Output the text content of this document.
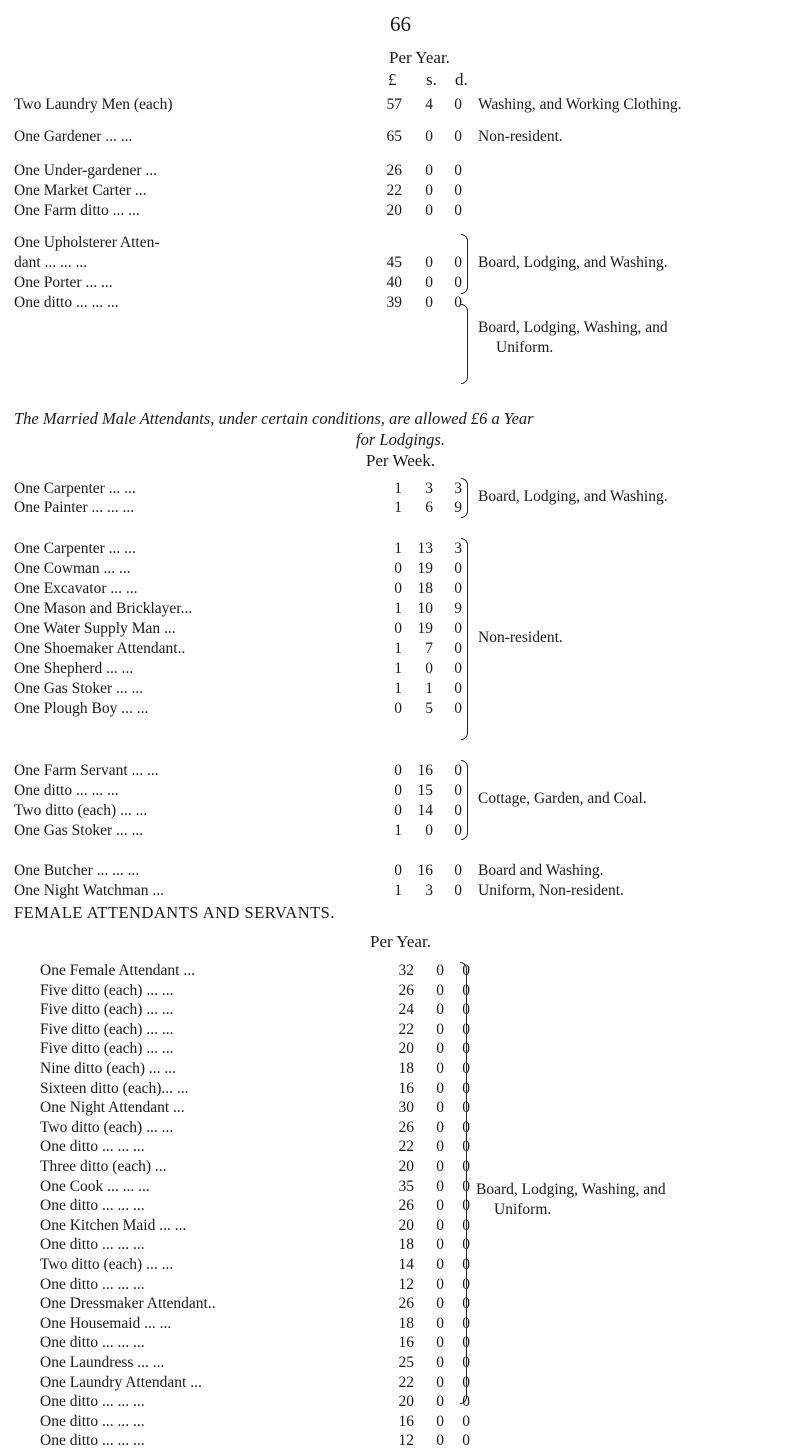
66
Per Year.
£ s. d.
Two Laundry Men (each)	57	4	0 Washing, and Working Clothing.
One Gardener ... ...	65	0	0 Non-resident.
One Under-gardener ...	26	0	0
One Market Carter ...	22	0	0
One Farm ditto ... ...	20	0	0
One Upholsterer Atten-
dant ... ... ...	45	0	0
One Porter ... ...	40	0	0
One ditto ... ... ...	39	0	0
Board, Lodging, and Washing.
Board, Lodging, Washing, and
Uniform.
The Married Male Attendants, under certain conditions, are allowed £6 a Year
for Lodgings.
Per Week.
One Carpenter ... ...	1	3	3
One Painter ... ... ...	1	6	9
One Carpenter ... ...	1	13	3
One Cowman ... ...	0	19	0
One Excavator ... ...	0	18	0
One Mason and Bricklayer...	1	10	9
One Water Supply Man ...	0	19	0
One Shoemaker Attendant..	1	7	0
One Shepherd ... ...	1	0	0
One Gas Stoker ... ...	1	1	0
One Plough Boy ... ...	0	5	0
One Farm Servant ... ...	0	16	0
One ditto ... ... ...	0	15	0
Two ditto (each) ... ...	0	14	0
One Gas Stoker ... ...	1	0	0
One Butcher ... ... ...	0	16	0 Board and Washing.
One Night Watchman ...	1	3	0 Uniform, Non-resident.
Board, Lodging, and Washing.
Non-resident.
Cottage, Garden, and Coal.
FEMALE ATTENDANTS AND SERVANTS.
Per Year.
One Female Attendant ...	32	0	0
Five ditto (each) ... ...	26	0	0
Five ditto (each) ... ...	24	0	0
Five ditto (each) ... ...	22	0	0
Five ditto (each) ... ...	20	0	0
Nine ditto (each) ... ...	18	0	0
Sixteen ditto (each)... ...	16	0	0
One Night Attendant ...	30	0	0
Two ditto (each) ... ...	26	0	0
One ditto ... ... ...	22	0	0
Three ditto (each) ...	20	0	0
One Cook ... ... ...	35	0	0
One ditto ... ... ...	26	0	0
One Kitchen Maid ... ...	20	0	0
One ditto ... ... ...	18	0	0
Two ditto (each) ... ...	14	0	0
One ditto ... ... ...	12	0	0
One Dressmaker Attendant..	26	0	0
One Housemaid ... ...	18	0	0
One ditto ... ... ...	16	0	0
One Laundress ... ...	25	0	0
One Laundry Attendant ...	22	0	0
One ditto ... ... ...	20	0	0
One ditto ... ... ...	16	0	0
One ditto ... ... ...	12	0	0
Board, Lodging, Washing, and
Uniform.
